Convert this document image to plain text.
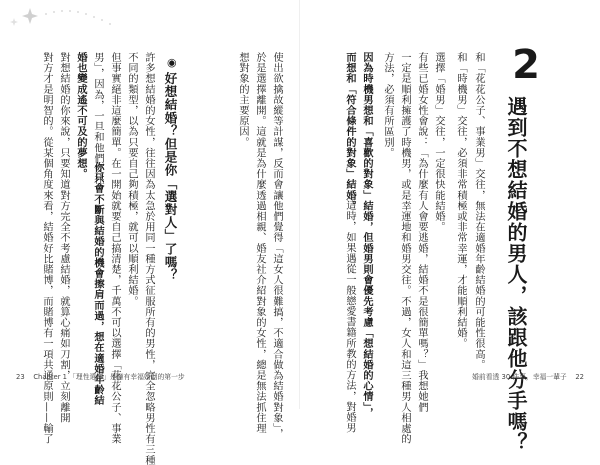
2
遇到不想結婚的男人，該跟他分手嗎？
和「花花公子、事業男」交往，無法在適婚年齡結婚的可能性很高。
和「時機男」交往，必須非常積極或非常幸運，才能順利結婚。
選擇「婚男」交往，一定很快能結婚。
有些已婚女性會說：「為什麼有人會要逃婚，結婚不是很簡單嗎？」我想她們
一定是順利擁護了時機男，或是幸運地和婚男交往。不過，女人和這三種男人相處的
方法，必須有所區別。
因為時機男想和「喜歡的對象」結婚，但婚男則會優先考慮「想結婚的心情」，
而想和「符合條件的對象」結婚。
這時，如果遇從一般戀愛書籍所教的方法，對婚男
使出欲擒故縱等計謀，反而會讓他們覺得「這女人很難搞，不適合做為結婚對象」，
於是選擇離開。這就是為什麼透過相親、婚友社介紹對象的女性，總是無法抓住理
想對象的主要原因。
◉
好想結婚？但是你「選對人」了嗎？
許多想結婚的女性，往往因為太急於用同一種方式征服所有的男性，完全忽略男性有三種
不同的類型，以為只要自己夠積極，就可以順利結婚。
但事實絕非這麼簡單。在一開始就要自己搞清楚，千萬不可以選擇「花花公子、事業
男」，因為，一旦和他們交往，
你只會不斷與結婚的機會擦肩而過，想在適婚年齡結
婚也變成遙不可及的夢想。
對想結婚的你來說，只要知道對方完全不考慮結婚，就算心痛如刀割，立刻離開
對方才是明智的。從某個角度來看，結婚好比賭博，而賭博有一項共通原則——輸了
23 Chapter 1 「理性選擇」是擁有幸福婚姻的第一步	婚前看透 30 件事，幸福一輩子 22
